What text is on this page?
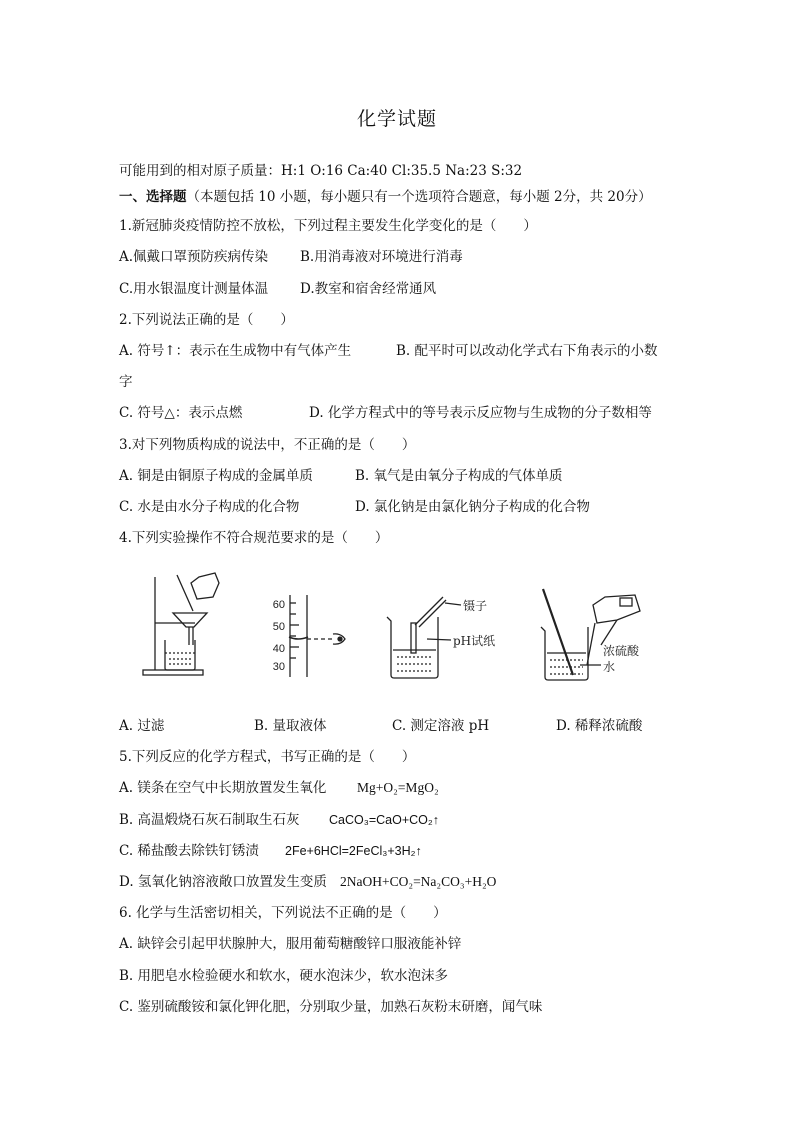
化学试题
可能用到的相对原子质量：H:1 O:16 Ca:40 Cl:35.5 Na:23 S:32
一、选择题（本题包括 10 小题，每小题只有一个选项符合题意，每小题 2分，共 20分）
1.新冠肺炎疫情防控不放松，下列过程主要发生化学变化的是（　　）
A.佩戴口罩预防疾病传染 B.用消毒液对环境进行消毒
C.用水银温度计测量体温 D.教室和宿舍经常通风
2.下列说法正确的是（　　）
A. 符号↑：表示在生成物中有气体产生	B. 配平时可以改动化学式右下角表示的小数
字
C. 符号△：表示点燃	D. 化学方程式中的等号表示反应物与生成物的分子数相等
3.对下列物质构成的说法中，不正确的是（　　）
A. 铜是由铜原子构成的金属单质	B. 氧气是由氧分子构成的气体单质
C. 水是由水分子构成的化合物	D. 氯化钠是由氯化钠分子构成的化合物
4.下列实验操作不符合规范要求的是（　　）
60
50
40
30
镊子
pH试纸
浓硫酸
水
A. 过滤	B. 量取液体	C. 测定溶液 pH	D. 稀释浓硫酸
5.下列反应的化学方程式，书写正确的是（　　）
A. 镁条在空气中长期放置发生氧化 Mg+O₂=MgO₂
B. 高温煅烧石灰石制取生石灰 CaCO₃=CaO+CO₂↑
C. 稀盐酸去除铁钉锈渍 2Fe+6HCl=2FeCl₃+3H₂↑
D. 氢氧化钠溶液敞口放置发生变质 2NaOH+CO₂=Na₂CO₃+H₂O
6. 化学与生活密切相关，下列说法不正确的是（　　）
A. 缺锌会引起甲状腺肿大，服用葡萄糖酸锌口服液能补锌
B. 用肥皂水检验硬水和软水，硬水泡沫少，软水泡沫多
C. 鉴别硫酸铵和氯化钾化肥，分别取少量，加熟石灰粉末研磨，闻气味
